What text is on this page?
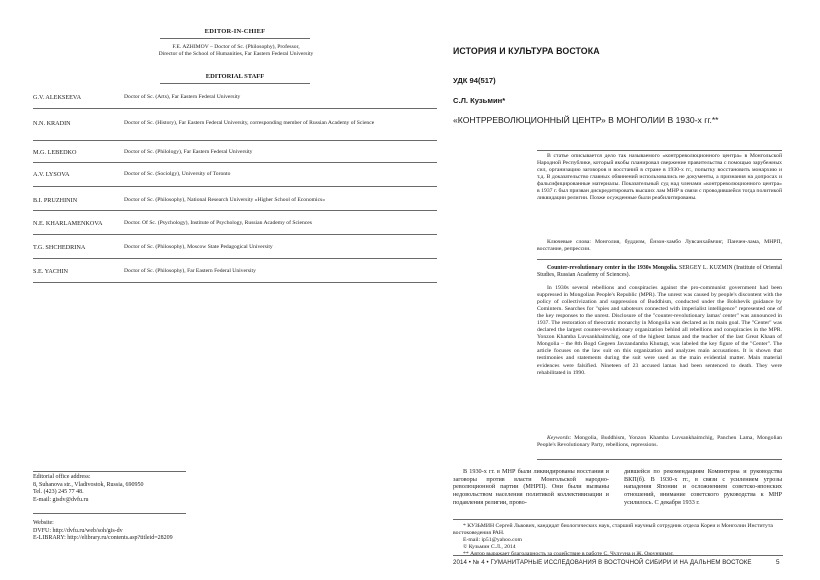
EDITOR-IN-CHIEF
F.E. AZHIMOV – Doctor of Sc. (Philosophy), Professor,
Director of the School of Humanities, Far Eastern Federal University
EDITORIAL STAFF
G.V. ALEKSEEVA	Doctor of Sc. (Arts), Far Eastern Federal University
N.N. KRADIN	Doctor of Sc. (History), Far Eastern Federal University, corresponding member of Russian Academy of Science
M.G. LEBEDKO	Doctor of Sc. (Philology), Far Eastern Federal University
A.V. LYSOVA	Doctor of Sc. (Sociolgy), University of Toronto
B.I. PRUZHININ	Doctor of Sc. (Philosophy), National Research University «Higher School of Economics»
N.E. KHARLAMENKOVA	Doctor. Of Sc. (Psychology), Institute of Psychology, Russian Academy of Sciences
T.G. SHCHEDRINA	Doctor of Sc. (Philosophy), Moscow State Pedagogical University
S.E. YACHIN	Doctor of Sc. (Philosophy), Far Eastern Federal University
Editorial office address:
8, Suhanova str., Vladivostok, Russia, 690950
Tel. (423) 245 77 48.
E-mail: gisdv@dvfu.ru
Website:
DVFU: http://dvfu.ru/web/soh/gis-dv
E-LIBRARY: http://elibrary.ru/contents.asp?titleid=28209
ИСТОРИЯ И КУЛЬТУРА ВОСТОКА
УДК 94(517)
С.Л. Кузьмин*
«КОНТРРЕВОЛЮЦИОННЫЙ ЦЕНТР» В МОНГОЛИИ В 1930-х гг.**
В статье описывается дело так называемого «контрреволюционного центра» в Монгольской Народной Республике, который якобы планировал свержение правительства с помощью зарубежных сил, организацию заговоров и восстаний в стране в 1930-х гг., попытку восстановить монархию и т.д. В доказательство главных обвинений использовались не документы, а признания на допросах и фальсифицированные материалы. Показательный суд над членами «контрреволюционного центра» в 1937 г. был призван дискредитировать высших лам МНР в связи с проводившейся тогда политикой ликвидации религии. Позже осужденные были реабилитированы.
Ключевые слова: Монголия, буддизм, Ёнзон-хамбо Лувсанхаймчиг, Панчен-лама, МНРП, восстание, репрессии.
Counter-revolutionary center in the 1930s Mongolia. SERGEY L. KUZMIN (Institute of Oriental Studies, Russian Academy of Sciences).
In 1930s several rebellions and conspiracies against the pro-communist government had been suppressed in Mongolian People's Republic (MPR). The unrest was caused by people's discontent with the policy of collectivization and suppression of Buddhism, conducted under the Bolshevik guidance by Comintern. Searches for "spies and saboteurs connected with imperialist intelligence" represented one of the key responses to the unrest. Disclosure of the "counter-revolutionary lamas' center" was announced in 1937. The restoration of theocratic monarchy in Mongolia was declared as its main goal. The "Center" was declared the largest counter-revolutionary organization behind all rebellions and conspiracies in the MPR. Yonzon Khamba Luvsankhaimchig, one of the highest lamas and the teacher of the last Great Khaan of Mongolia – the 8th Bogd Gegeen Javzandamba Khutagt, was labeled the key figure of the "Center". The article focuses on the law suit on this organization and analyzes main accusations. It is shown that testimonies and statements during the suit were used as the main evidential matter. Main material evidences were falsified. Nineteen of 23 accused lamas had been sentenced to death. They were rehabilitated in 1990.
Keywords: Mongolia, Buddhism, Yonzon Khamba Luvsankhaimchig, Panchen Lama, Mongolian People's Revolutionary Party, rebellions, repressions.
В 1930-х гг. в МНР были ликвидированы восстания и заговоры против власти Монгольской народно-революционной партии (МНРП). Они были вызваны недовольством населения политикой коллективизации и подавления религии, прово-
дившейся по рекомендациям Коминтерна и руководства ВКП(б). В 1930-х гг., в связи с усилением угрозы нападения Японии и осложнением советско-японских отношений, внимание советского руководства к МНР усилилось. С декабря 1933 г.
* КУЗЬМИН Сергей Львович, кандидат биологических наук, старший научный сотрудник отдела Кореи и Монголии Института востоковедения РАН.
E-mail: ip51@yahoo.com
© Кузьмин С.Л., 2014
** Автор выражает благодарность за содействие в работе С. Чулууна и Ж. Оюунчимэг.
2014 • № 4 • ГУМАНИТАРНЫЕ ИССЛЕДОВАНИЯ В ВОСТОЧНОЙ СИБИРИ И НА ДАЛЬНЕМ ВОСТОКЕ	5
